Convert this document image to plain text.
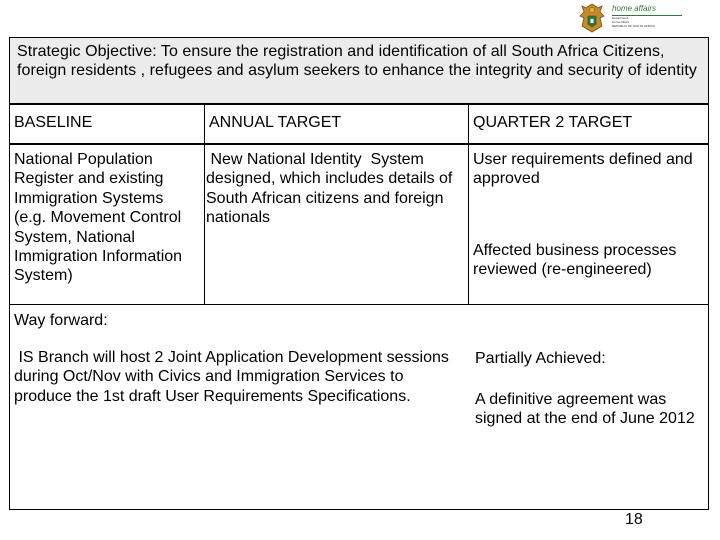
home affairs
Department:
Home Affairs
REPUBLIC OF SOUTH AFRICA
Strategic Objective: To ensure the registration and identification of all South Africa Citizens, foreign residents , refugees and asylum seekers to enhance the integrity and security of identity
BASELINE	ANNUAL TARGET	QUARTER 2 TARGET
National Population Register and existing Immigration Systems (e.g. Movement Control System, National Immigration Information System)
New National Identity  System designed, which includes details of South African citizens and foreign nationals
User requirements defined and approved
Affected business processes reviewed (re-engineered)
Way forward:
IS Branch will host 2 Joint Application Development sessions during Oct/Nov with Civics and Immigration Services to produce the 1st draft User Requirements Specifications.
Partially Achieved:
A definitive agreement was signed at the end of June 2012
18
